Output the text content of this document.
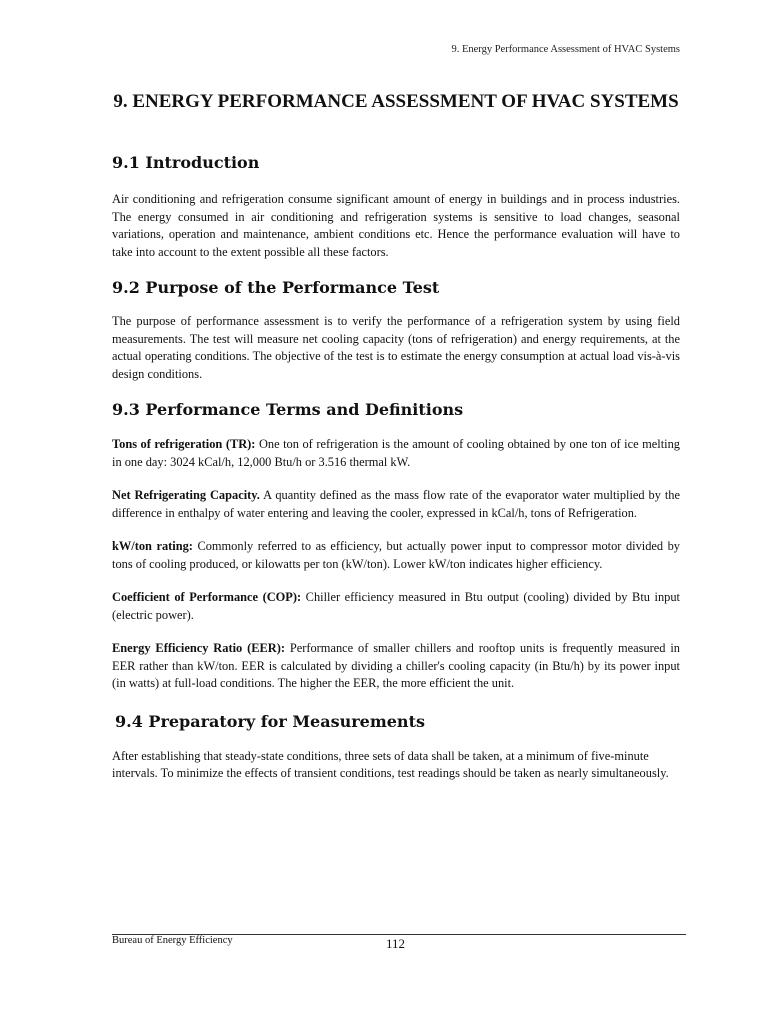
9. Energy Performance Assessment of HVAC Systems
9. ENERGY PERFORMANCE ASSESSMENT OF HVAC SYSTEMS
9.1 Introduction

Air conditioning and refrigeration consume significant amount of energy in buildings and in process industries. The energy consumed in air conditioning and refrigeration systems is sensitive to load changes, seasonal variations, operation and maintenance, ambient conditions etc. Hence the performance evaluation will have to take into account to the extent possible all these factors.

9.2 Purpose of the Performance Test

The purpose of performance assessment is to verify the performance of a refrigeration system by using field measurements. The test will measure net cooling capacity (tons of refrigeration) and energy requirements, at the actual operating conditions. The objective of the test is to estimate the energy consumption at actual load vis-à-vis design conditions.

9.3 Performance Terms and Definitions

Tons of refrigeration (TR): One ton of refrigeration is the amount of cooling obtained by one ton of ice melting in one day: 3024 kCal/h, 12,000 Btu/h or 3.516 thermal kW.

Net Refrigerating Capacity. A quantity defined as the mass flow rate of the evaporator water multiplied by the difference in enthalpy of water entering and leaving the cooler, expressed in kCal/h, tons of Refrigeration.

kW/ton rating: Commonly referred to as efficiency, but actually power input to compressor motor divided by tons of cooling produced, or kilowatts per ton (kW/ton). Lower kW/ton indicates higher efficiency.

Coefficient of Performance (COP): Chiller efficiency measured in Btu output (cooling) divided by Btu input (electric power).

Energy Efficiency Ratio (EER): Performance of smaller chillers and rooftop units is frequently measured in EER rather than kW/ton. EER is calculated by dividing a chiller's cooling capacity (in Btu/h) by its power input (in watts) at full-load conditions. The higher the EER, the more efficient the unit.

9.4 Preparatory for Measurements

After establishing that steady-state conditions, three sets of data shall be taken, at a minimum of five-minute intervals. To minimize the effects of transient conditions, test readings should be taken as nearly simultaneously.

Bureau of Energy Efficiency	112
